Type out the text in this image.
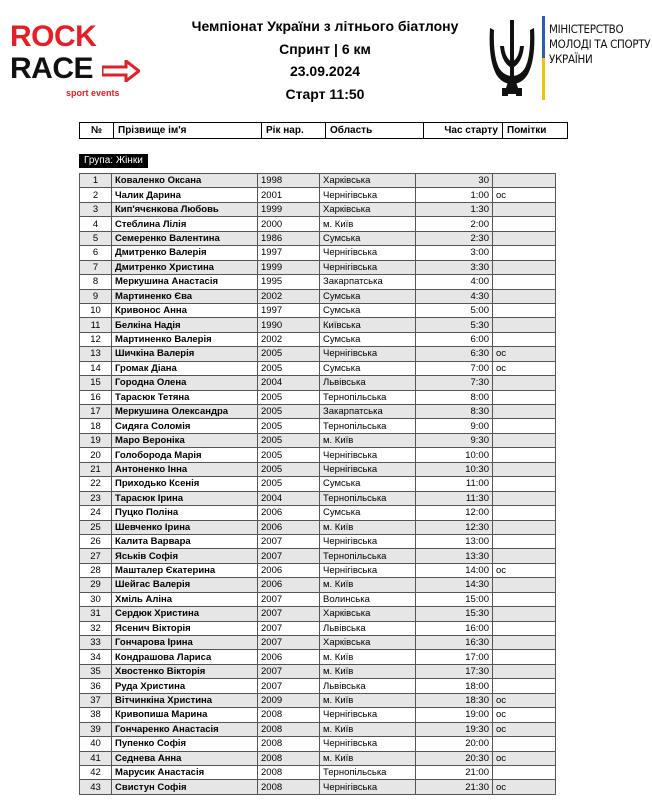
ROCK
RACE
sport events
Чемпіонат України з літнього біатлону
Спринт | 6 км
23.09.2024
Старт 11:50
МІНІСТЕРСТВО
МОЛОДІ ТА СПОРТУ
УКРАЇНИ
№	Прізвище ім'я	Рік нар.	Область	Час старту	Помітки
Група: Жінки
1	Коваленко Оксана	1998	Харківська	30	
2	Чалик Дарина	2001	Чернігівська	1:00	ос
3	Кип'ячєнкова Любовь	1999	Харківська	1:30	
4	Стеблина Лілія	2000	м. Київ	2:00	
5	Семеренко Валентина	1986	Сумська	2:30	
6	Дмитренко Валерія	1997	Чернігівська	3:00	
7	Дмитренко Христина	1999	Чернігівська	3:30	
8	Меркушина Анастасія	1995	Закарпатська	4:00	
9	Мартиненко Єва	2002	Сумська	4:30	
10	Кривонос Анна	1997	Сумська	5:00	
11	Белкіна Надія	1990	Київська	5:30	
12	Мартиненко Валерія	2002	Сумська	6:00	
13	Шичкіна Валерія	2005	Чернігівська	6:30	ос
14	Громак Діана	2005	Сумська	7:00	ос
15	Городна Олена	2004	Львівська	7:30	
16	Тарасюк Тетяна	2005	Тернопільська	8:00	
17	Меркушина Олександра	2005	Закарпатська	8:30	
18	Сидяга Соломія	2005	Тернопільська	9:00	
19	Маро Вероніка	2005	м. Київ	9:30	
20	Голобородa Марія	2005	Чернігівська	10:00	
21	Антоненко Інна	2005	Чернігівська	10:30	
22	Приходько Ксенія	2005	Сумська	11:00	
23	Тарасюк Ірина	2004	Тернопільська	11:30	
24	Пуцко Поліна	2006	Сумська	12:00	
25	Шевченко Ірина	2006	м. Київ	12:30	
26	Калита Варвара	2007	Чернігівська	13:00	
27	Яськів Софія	2007	Тернопільська	13:30	
28	Машталер Єкатерина	2006	Чернігівська	14:00	ос
29	Шейгас Валерія	2006	м. Київ	14:30	
30	Хміль Аліна	2007	Волинська	15:00	
31	Сердюк Христина	2007	Харківська	15:30	
32	Ясенич Вікторія	2007	Львівська	16:00	
33	Гончарова Ірина	2007	Харківська	16:30	
34	Кондрашова Лариса	2006	м. Київ	17:00	
35	Хвостенко Вікторія	2007	м. Київ	17:30	
36	Руда Христина	2007	Львівська	18:00	
37	Вітчинкіна Христина	2009	м. Київ	18:30	ос
38	Кривопиша Марина	2008	Чернігівська	19:00	ос
39	Гончаренко Анастасія	2008	м. Київ	19:30	ос
40	Пупенко Софія	2008	Чернігівська	20:00	
41	Седнева Анна	2008	м. Київ	20:30	ос
42	Марусик Анастасія	2008	Тернопільська	21:00	
43	Свистун Софія	2008	Чернігівська	21:30	ос
